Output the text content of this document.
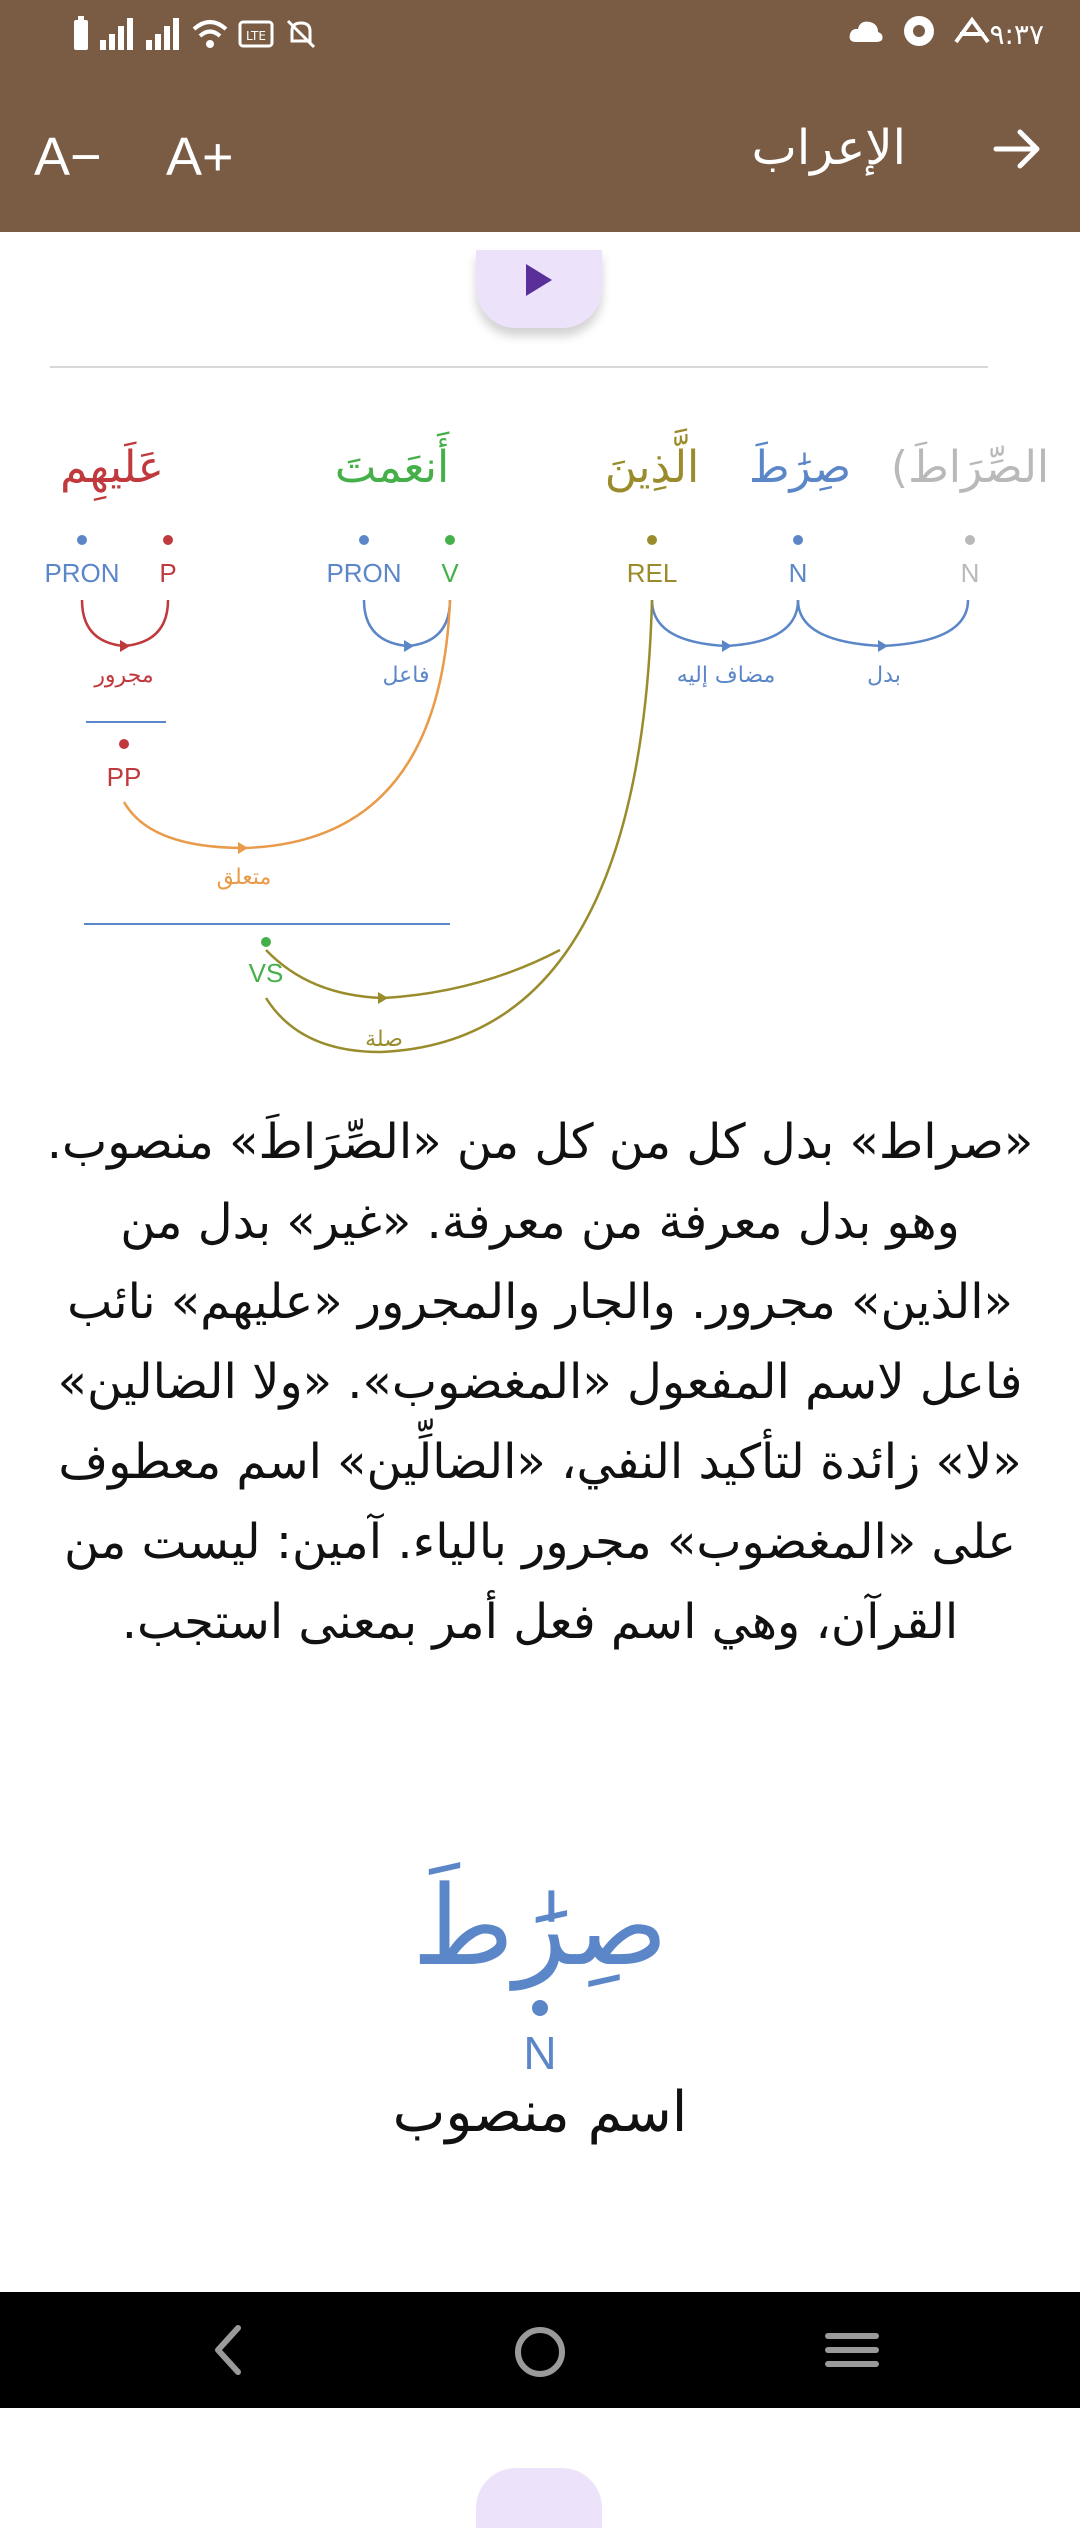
LTE	٩:٣٧
A− A+	الإعراب
(الصِّرَاطَ
صِرَٰطَ
الَّذِينَ
أَنعَمتَ
عَلَيهِم
N
N
REL
PRON V
PRON P
بدل
مضاف إليه
فاعل
مجرور
PP
متعلق
VS
صلة
«صراط» بدل كل من كل من «الصِّرَاطَ» منصوب. وهو بدل معرفة من معرفة. «غير» بدل من «الذين» مجرور. والجار والمجرور «عليهم» نائب فاعل لاسم المفعول «المغضوب». «ولا الضالين» «لا» زائدة لتأكيد النفي، «الضالِّين» اسم معطوف على «المغضوب» مجرور بالياء. آمين: ليست من القرآن، وهي اسم فعل أمر بمعنى استجب.
صِرَٰطَ
N
اسم منصوب
